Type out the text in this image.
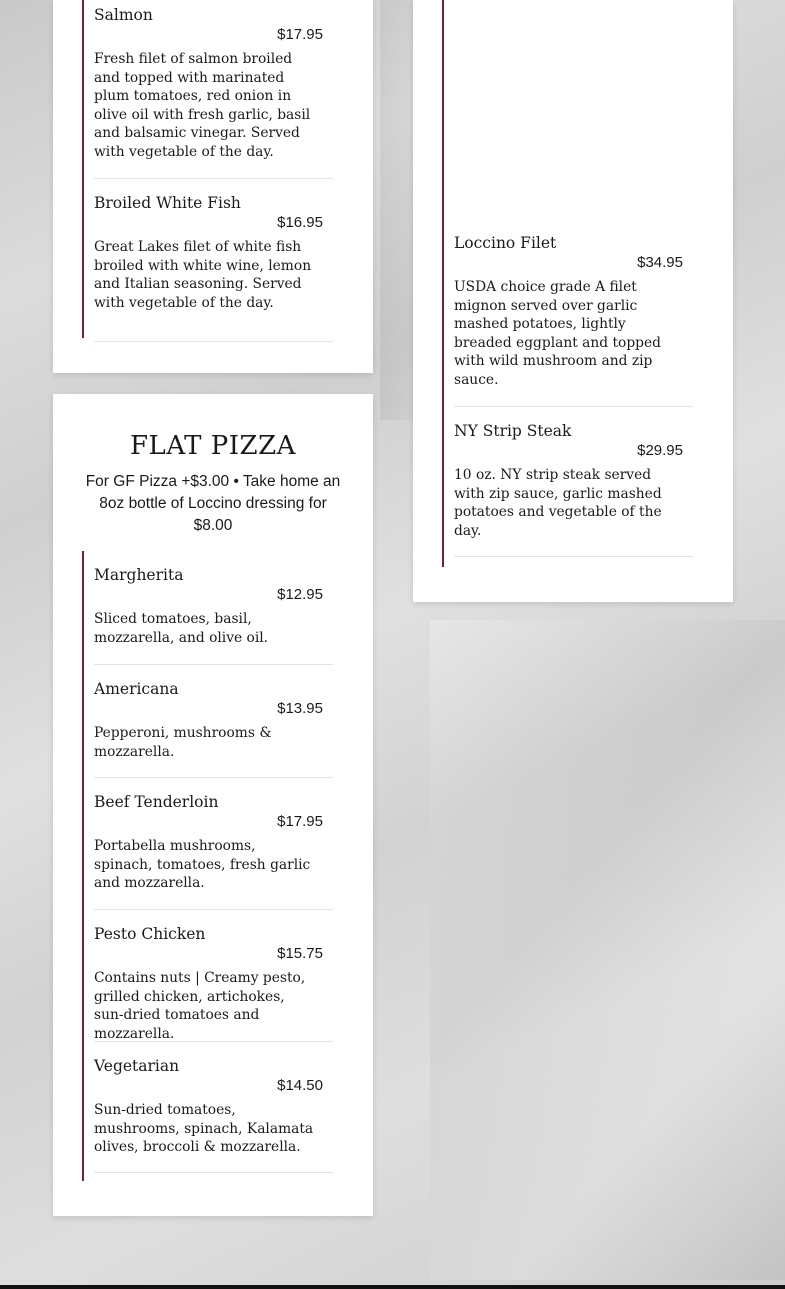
Salmon
$17.95
Fresh filet of salmon broiled and topped with marinated plum tomatoes, red onion in olive oil with fresh garlic, basil and balsamic vinegar. Served with vegetable of the day.
Broiled White Fish
$16.95
Great Lakes filet of white fish broiled with white wine, lemon and Italian seasoning. Served with vegetable of the day.
FLAT PIZZA
For GF Pizza +$3.00 • Take home an 8oz bottle of Loccino dressing for $8.00
Margherita
$12.95
Sliced tomatoes, basil, mozzarella, and olive oil.
Americana
$13.95
Pepperoni, mushrooms & mozzarella.
Beef Tenderloin
$17.95
Portabella mushrooms, spinach, tomatoes, fresh garlic and mozzarella.
Pesto Chicken
$15.75
Contains nuts | Creamy pesto, grilled chicken, artichokes, sun-dried tomatoes and mozzarella.
Vegetarian
$14.50
Sun-dried tomatoes, mushrooms, spinach, Kalamata olives, broccoli & mozzarella.
Loccino Filet
$34.95
USDA choice grade A filet mignon served over garlic mashed potatoes, lightly breaded eggplant and topped with wild mushroom and zip sauce.
NY Strip Steak
$29.95
10 oz. NY strip steak served with zip sauce, garlic mashed potatoes and vegetable of the day.
